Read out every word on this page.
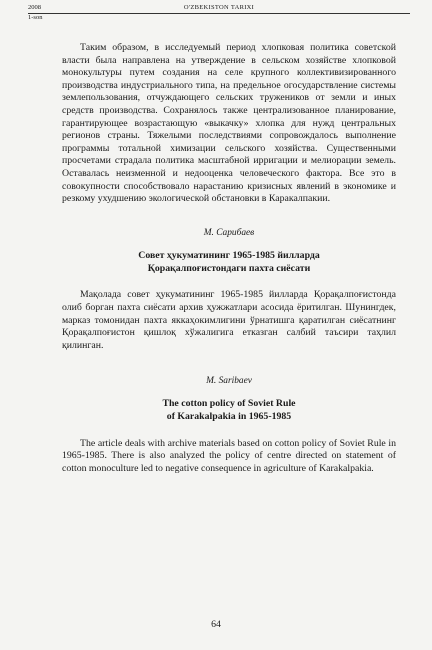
2008	O'ZBEKISTON TARIXI
1-son

Таким образом, в исследуемый период хлопковая политика советской власти была направлена на утверждение в сельском хозяйстве хлопковой монокультуры путем создания на селе крупного коллективизированного производства индустриального типа, на предельное огосударствление системы землепользования, отчуждающего сельских тружеников от земли и иных средств производства. Сохранялось также централизованное планирование, гарантирующее возрастающую «выкачку» хлопка для нужд центральных регионов страны. Тяжелыми последствиями сопровождалось выполнение программы тотальной химизации сельского хозяйства. Существенными просчетами страдала политика масштабной ирригации и мелиорации земель. Оставалась неизменной и недооценка человеческого фактора. Все это в совокупности способствовало нарастанию кризисных явлений в экономике и резкому ухудшению экологической обстановки в Каракалпакии.

М. Сарибаев

Совет ҳукуматининг 1965-1985 йилларда
Қорақалпоғистондаги пахта сиёсати

Мақолада совет ҳукуматининг 1965-1985 йилларда Қорақалпоғистонда олиб борган пахта сиёсати архив ҳужжатлари асосида ёритилган. Шунингдек, марказ томонидан пахта яккаҳокимлигини ўрнатишга қаратилган сиёсатнинг Қорақалпоғистон қишлоқ хўжалигига етказган салбий таъсири таҳлил қилинган.

M. Saribaev

The cotton policy of Soviet Rule
of Karakalpakia in 1965-1985

The article deals with archive materials based on cotton policy of Soviet Rule in 1965-1985. There is also analyzed the policy of centre directed on statement of cotton monoculture led to negative consequence in agriculture of Karakalpakia.

64
